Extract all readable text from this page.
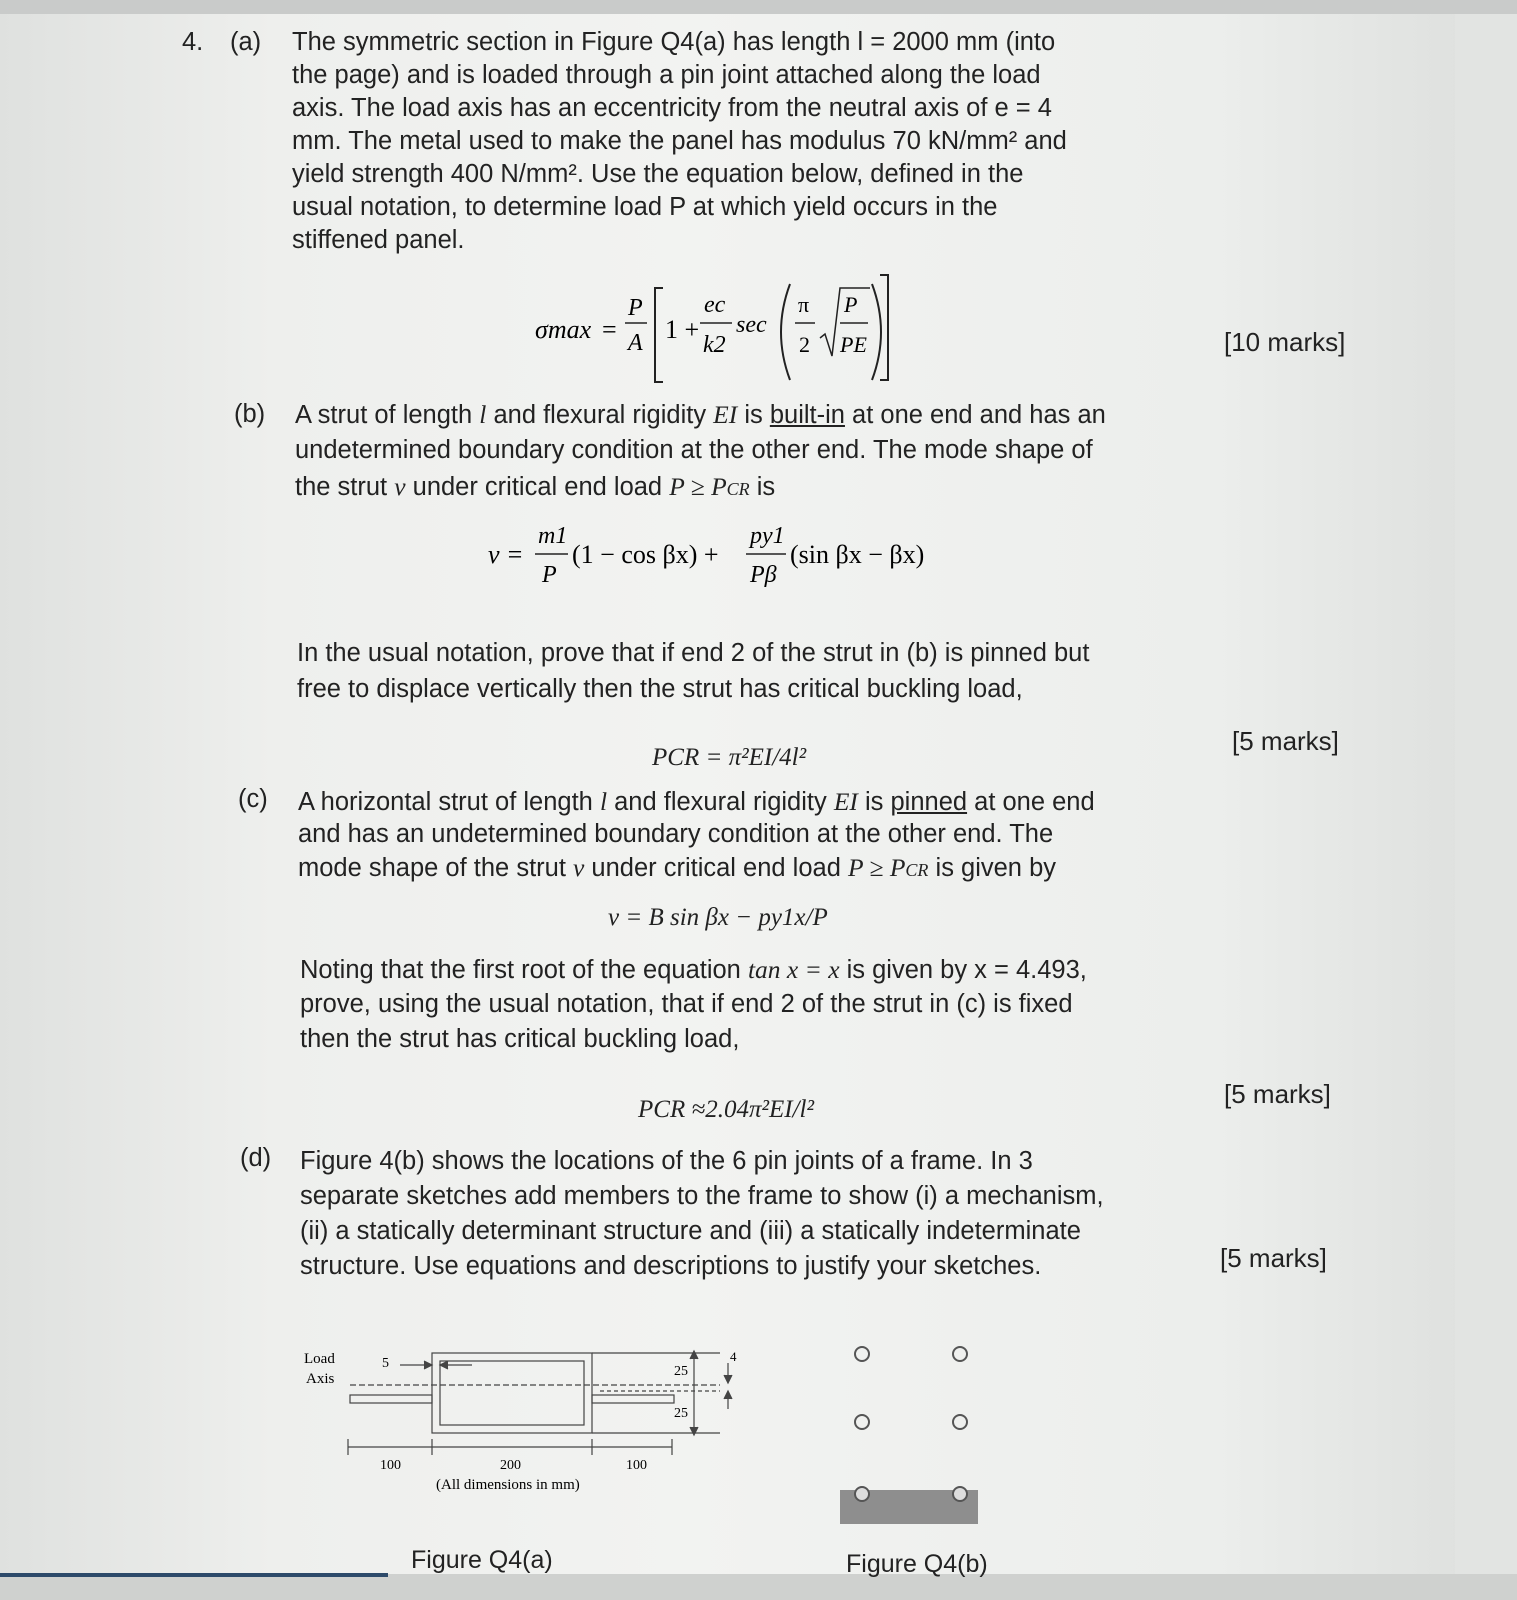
4. (a) The symmetric section in Figure Q4(a) has length l = 2000 mm (into
the page) and is loaded through a pin joint attached along the load
axis. The load axis has an eccentricity from the neutral axis of e = 4
mm. The metal used to make the panel has modulus 70 kN/mm² and
yield strength 400 N/mm². Use the equation below, defined in the
usual notation, to determine load P at which yield occurs in the
stiffened panel.
σmax =
P
A 1 +
ec
k2
sec
π
2
P
PE	[10 marks]
(b) A strut of length l and flexural rigidity EI is built-in at one end and has an
undetermined boundary condition at the other end. The mode shape of
the strut v under critical end load P ≥ PCR is
v =
m1
P
(1 − cos βx) +
py1
Pβ
(sin βx − βx)
In the usual notation, prove that if end 2 of the strut in (b) is pinned but
free to displace vertically then the strut has critical buckling load,
[5 marks]
PCR = π²EI/4l²
(c) A horizontal strut of length l and flexural rigidity EI is pinned at one end
and has an undetermined boundary condition at the other end. The
mode shape of the strut v under critical end load P ≥ PCR is given by
v = B sin βx − py1x/P
Noting that the first root of the equation tan x = x is given by x = 4.493,
prove, using the usual notation, that if end 2 of the strut in (c) is fixed
then the strut has critical buckling load,
[5 marks]
PCR ≈2.04π²EI/l²
(d) Figure 4(b) shows the locations of the 6 pin joints of a frame. In 3
separate sketches add members to the frame to show (i) a mechanism,
(ii) a statically determinant structure and (iii) a statically indeterminate
structure. Use equations and descriptions to justify your sketches.	[5 marks]
Load
Axis
5
25
25
4
100	200	100
(All dimensions in mm)
Figure Q4(a)	Figure Q4(b)
